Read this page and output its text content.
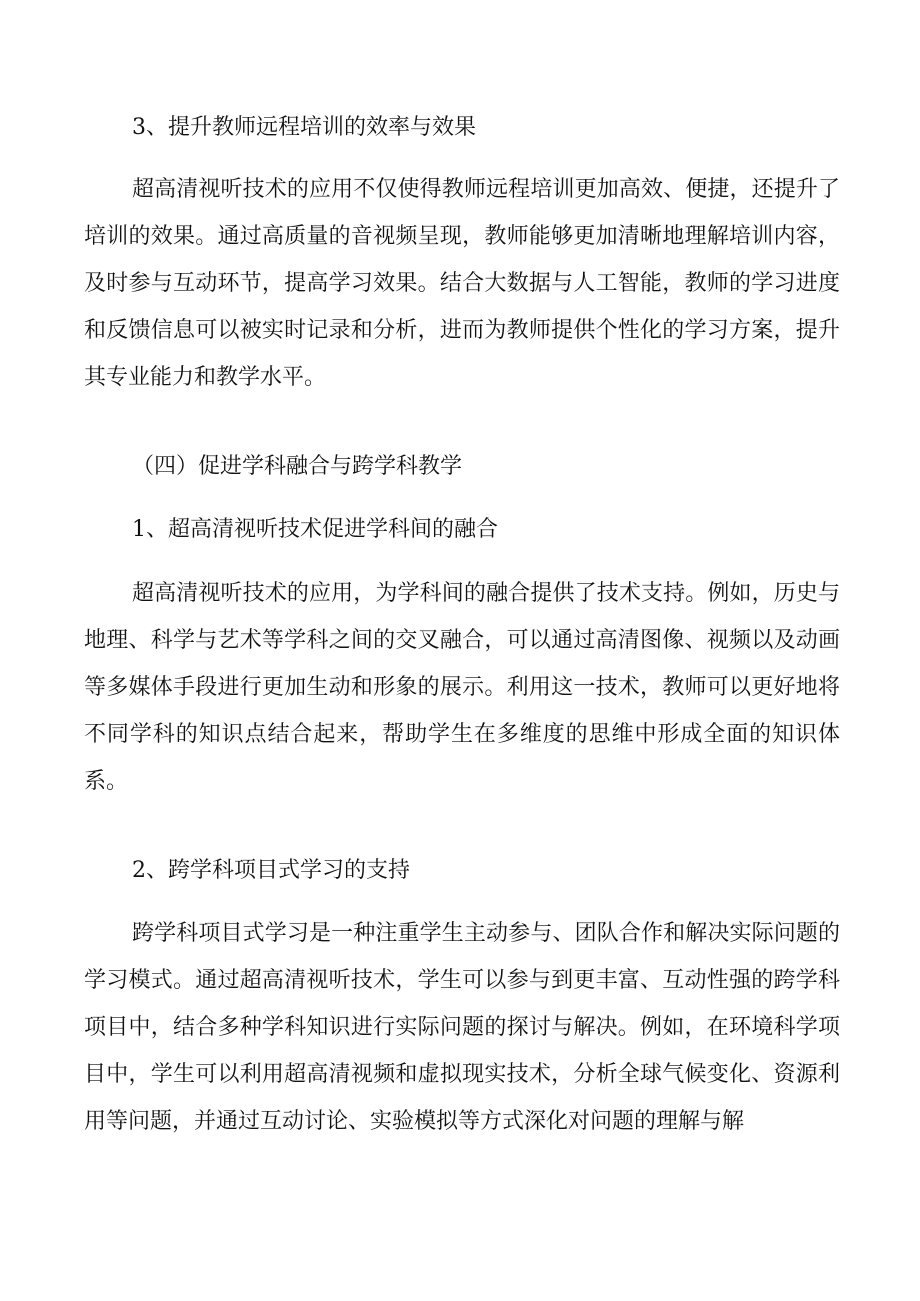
3、提升教师远程培训的效率与效果

超高清视听技术的应用不仅使得教师远程培训更加高效、便捷，还提升了培训的效果。通过高质量的音视频呈现，教师能够更加清晰地理解培训内容，及时参与互动环节，提高学习效果。结合大数据与人工智能，教师的学习进度和反馈信息可以被实时记录和分析，进而为教师提供个性化的学习方案，提升其专业能力和教学水平。

（四）促进学科融合与跨学科教学
1、超高清视听技术促进学科间的融合

超高清视听技术的应用，为学科间的融合提供了技术支持。例如，历史与地理、科学与艺术等学科之间的交叉融合，可以通过高清图像、视频以及动画等多媒体手段进行更加生动和形象的展示。利用这一技术，教师可以更好地将不同学科的知识点结合起来，帮助学生在多维度的思维中形成全面的知识体系。

2、跨学科项目式学习的支持

跨学科项目式学习是一种注重学生主动参与、团队合作和解决实际问题的学习模式。通过超高清视听技术，学生可以参与到更丰富、互动性强的跨学科项目中，结合多种学科知识进行实际问题的探讨与解决。例如，在环境科学项目中，学生可以利用超高清视频和虚拟现实技术，分析全球气候变化、资源利用等问题，并通过互动讨论、实验模拟等方式深化对问题的理解与解
